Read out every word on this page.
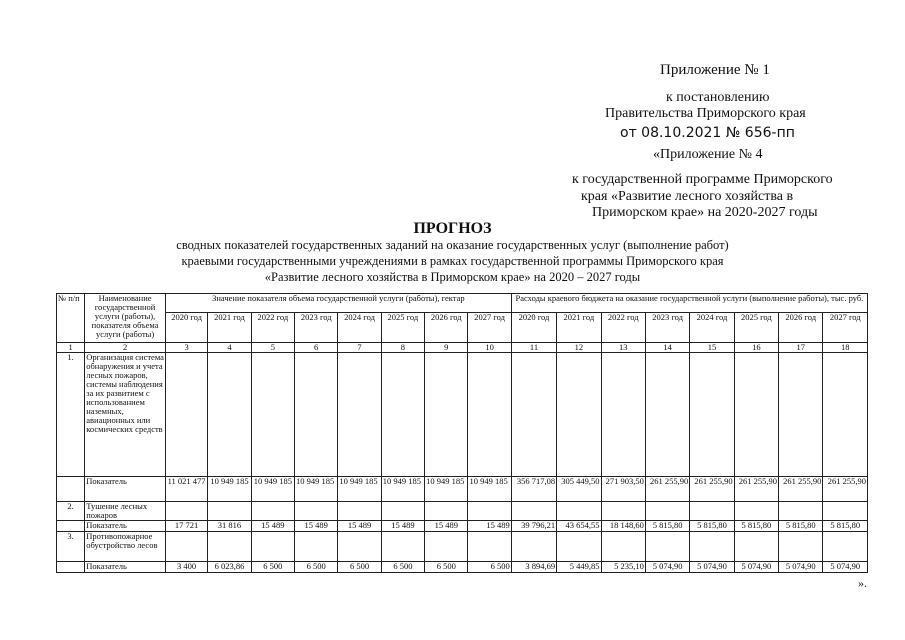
Приложение № 1
к постановлению
Правительства Приморского края
от 08.10.2021 № 656-пп
«Приложение № 4
к государственной программе Приморского
края «Развитие лесного хозяйства в
Приморском крае» на 2020-2027 годы
ПРОГНОЗ
сводных показателей государственных заданий на оказание государственных услуг (выполнение работ)
краевыми государственными учреждениями в рамках государственной программы Приморского края
«Развитие лесного хозяйства в Приморском крае» на 2020 – 2027 годы
№ п/п	Наименование государственной услуги (работы), показателя объема услуги (работы)	Значение показателя объема государственной услуги (работы), гектар								Расходы краевого бюджета на оказание государственной услуги (выполнение работы), тыс. руб.							
		2020 год	2021 год	2022 год	2023 год	2024 год	2025 год	2026 год	2027 год	2020 год	2021 год	2022 год	2023 год	2024 год	2025 год	2026 год	2027 год
1	2	3	4	5	6	7	8	9	10	11	12	13	14	15	16	17	18
1.	Организация система обнаружения и учета лесных пожаров, системы наблюдения за их развитием с использованием наземных, авиационных или космических средств																
	Показатель	11 021 477	10 949 185	10 949 185	10 949 185	10 949 185	10 949 185	10 949 185	10 949 185	356 717,08	305 449,50	271 903,50	261 255,90	261 255,90	261 255,90	261 255,90	261 255,90
2.	Тушение лесных пожаров																
	Показатель	17 721	31 816	15 489	15 489	15 489	15 489	15 489	15 489	39 796,21	43 654,55	18 148,60	5 815,80	5 815,80	5 815,80	5 815,80	5 815,80
3.	Противопожарное обустройство лесов																
	Показатель	3 400	6 023,86	6 500	6 500	6 500	6 500	6 500	6 500	3 894,69	5 449,85	5 235,10	5 074,90	5 074,90	5 074,90	5 074,90	5 074,90
».
